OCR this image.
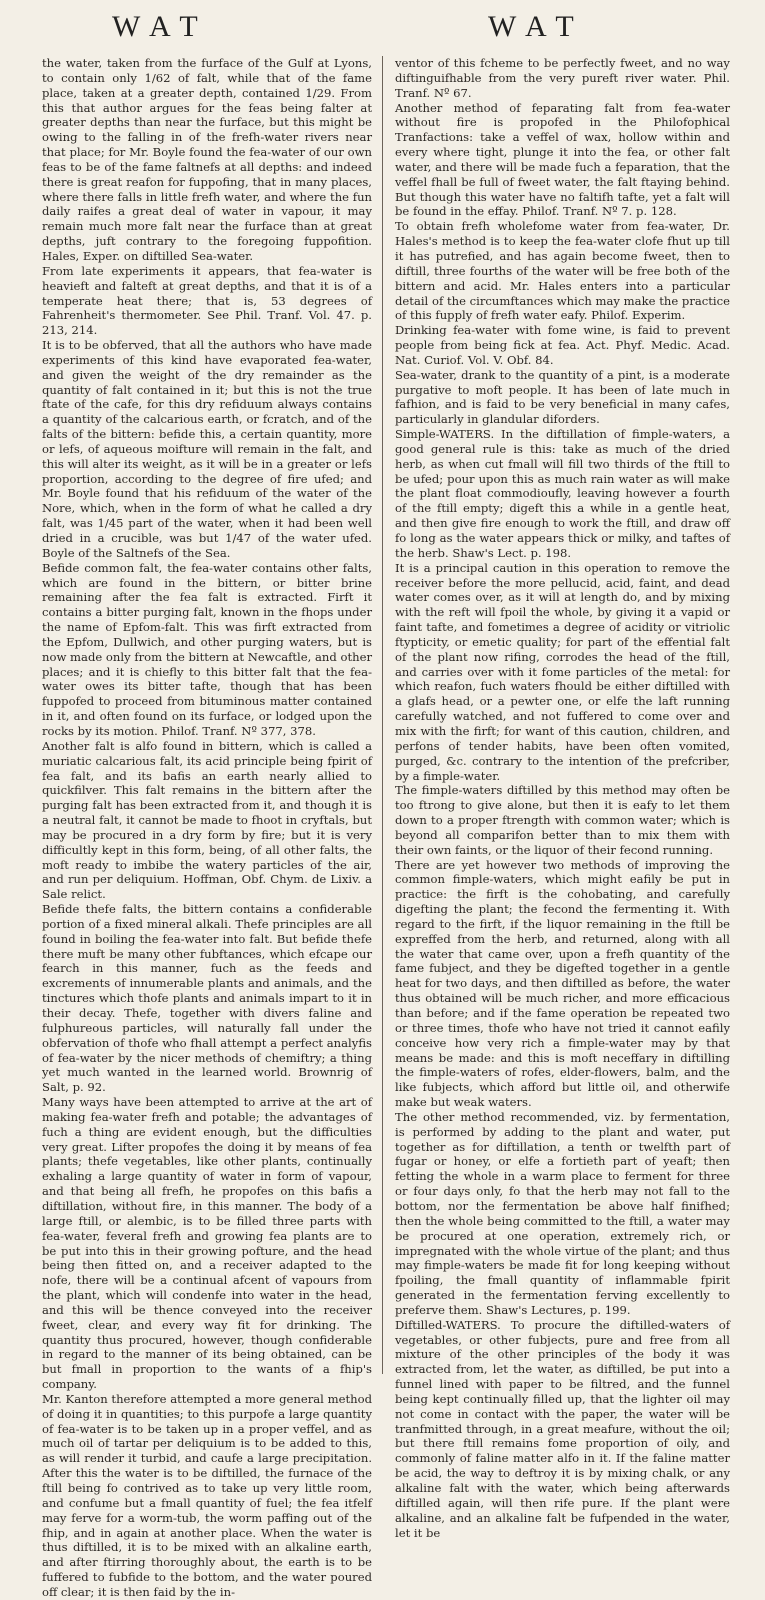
WAT	WAT

the water, taken from the furface of the Gulf at Lyons, to contain only 1/62 of falt, while that of the fame place, taken at a greater depth, contained 1/29. From this that author argues for the feas being falter at greater depths than near the furface, but this might be owing to the falling in of the frefh-water rivers near that place; for Mr. Boyle found the fea-water of our own feas to be of the fame faltnefs at all depths: and indeed there is great reafon for fuppofing, that in many places, where there falls in little frefh water, and where the fun daily raifes a great deal of water in vapour, it may remain much more falt near the furface than at great depths, juft contrary to the foregoing fuppofition. Hales, Exper. on diftilled Sea-water.

From late experiments it appears, that fea-water is heavieft and falteft at great depths, and that it is of a temperate heat there; that is, 53 degrees of Fahrenheit's thermometer. See Phil. Tranf. Vol. 47. p. 213, 214.

It is to be obferved, that all the authors who have made experiments of this kind have evaporated fea-water, and given the weight of the dry remainder as the quantity of falt contained in it; but this is not the true ftate of the cafe, for this dry refiduum always contains a quantity of the calcarious earth, or fcratch, and of the falts of the bittern: befide this, a certain quantity, more or lefs, of aqueous moifture will remain in the falt, and this will alter its weight, as it will be in a greater or lefs proportion, according to the degree of fire ufed; and Mr. Boyle found that his refiduum of the water of the Nore, which, when in the form of what he called a dry falt, was 1/45 part of the water, when it had been well dried in a crucible, was but 1/47 of the water ufed. Boyle of the Saltnefs of the Sea.

Befide common falt, the fea-water contains other falts, which are found in the bittern, or bitter brine remaining after the fea falt is extracted. Firft it contains a bitter purging falt, known in the fhops under the name of Epfom-falt. This was firft extracted from the Epfom, Dullwich, and other purging waters, but is now made only from the bittern at Newcaftle, and other places; and it is chiefly to this bitter falt that the fea-water owes its bitter tafte, though that has been fuppofed to proceed from bituminous matter contained in it, and often found on its furface, or lodged upon the rocks by its motion. Philof. Tranf. Nº 377, 378.

Another falt is alfo found in bittern, which is called a muriatic calcarious falt, its acid principle being fpirit of fea falt, and its bafis an earth nearly allied to quickfilver. This falt remains in the bittern after the purging falt has been extracted from it, and though it is a neutral falt, it cannot be made to fhoot in cryftals, but may be procured in a dry form by fire; but it is very difficultly kept in this form, being, of all other falts, the moft ready to imbibe the watery particles of the air, and run per deliquium. Hoffman, Obf. Chym. de Lixiv. a Sale relict.

Befide thefe falts, the bittern contains a confiderable portion of a fixed mineral alkali. Thefe principles are all found in boiling the fea-water into falt. But befide thefe there muft be many other fubftances, which efcape our fearch in this manner, fuch as the feeds and excrements of innumerable plants and animals, and the tinctures which thofe plants and animals impart to it in their decay. Thefe, together with divers faline and fulphureous particles, will naturally fall under the obfervation of thofe who fhall attempt a perfect analyfis of fea-water by the nicer methods of chemiftry; a thing yet much wanted in the learned world. Brownrig of Salt, p. 92.

Many ways have been attempted to arrive at the art of making fea-water frefh and potable; the advantages of fuch a thing are evident enough, but the difficulties very great. Lifter propofes the doing it by means of fea plants; thefe vegetables, like other plants, continually exhaling a large quantity of water in form of vapour, and that being all frefh, he propofes on this bafis a diftillation, without fire, in this manner. The body of a large ftill, or alembic, is to be filled three parts with fea-water, feveral frefh and growing fea plants are to be put into this in their growing pofture, and the head being then fitted on, and a receiver adapted to the nofe, there will be a continual afcent of vapours from the plant, which will condenfe into water in the head, and this will be thence conveyed into the receiver fweet, clear, and every way fit for drinking. The quantity thus procured, however, though confiderable in regard to the manner of its being obtained, can be but fmall in proportion to the wants of a fhip's company.

Mr. Kanton therefore attempted a more general method of doing it in quantities; to this purpofe a large quantity of fea-water is to be taken up in a proper veffel, and as much oil of tartar per deliquium is to be added to this, as will render it turbid, and caufe a large precipitation. After this the water is to be diftilled, the furnace of the ftill being fo contrived as to take up very little room, and confume but a fmall quantity of fuel; the fea itfelf may ferve for a worm-tub, the worm paffing out of the fhip, and in again at another place. When the water is thus diftilled, it is to be mixed with an alkaline earth, and after ftirring thoroughly about, the earth is to be fuffered to fubfide to the bottom, and the water poured off clear; it is then faid by the in-

ventor of this fcheme to be perfectly fweet, and no way diftinguifhable from the very pureft river water. Phil. Tranf. Nº 67.

Another method of feparating falt from fea-water without fire is propofed in the Philofophical Tranfactions: take a veffel of wax, hollow within and every where tight, plunge it into the fea, or other falt water, and there will be made fuch a feparation, that the veffel fhall be full of fweet water, the falt ftaying behind. But though this water have no faltifh tafte, yet a falt will be found in the effay. Philof. Tranf. Nº 7. p. 128.

To obtain frefh wholefome water from fea-water, Dr. Hales's method is to keep the fea-water clofe fhut up till it has putrefied, and has again become fweet, then to diftill, three fourths of the water will be free both of the bittern and acid. Mr. Hales enters into a particular detail of the circumftances which may make the practice of this fupply of frefh water eafy. Philof. Experim.

Drinking fea-water with fome wine, is faid to prevent people from being fick at fea. Act. Phyf. Medic. Acad. Nat. Curiof. Vol. V. Obf. 84.

Sea-water, drank to the quantity of a pint, is a moderate purgative to moft people. It has been of late much in fafhion, and is faid to be very beneficial in many cafes, particularly in glandular diforders.

Simple-WATERS. In the diftillation of fimple-waters, a good general rule is this: take as much of the dried herb, as when cut fmall will fill two thirds of the ftill to be ufed; pour upon this as much rain water as will make the plant float commodioufly, leaving however a fourth of the ftill empty; digeft this a while in a gentle heat, and then give fire enough to work the ftill, and draw off fo long as the water appears thick or milky, and taftes of the herb. Shaw's Lect. p. 198.

It is a principal caution in this operation to remove the receiver before the more pellucid, acid, faint, and dead water comes over, as it will at length do, and by mixing with the reft will fpoil the whole, by giving it a vapid or faint tafte, and fometimes a degree of acidity or vitriolic ftypticity, or emetic quality; for part of the effential falt of the plant now rifing, corrodes the head of the ftill, and carries over with it fome particles of the metal: for which reafon, fuch waters fhould be either diftilled with a glafs head, or a pewter one, or elfe the laft running carefully watched, and not fuffered to come over and mix with the firft; for want of this caution, children, and perfons of tender habits, have been often vomited, purged, &c. contrary to the intention of the prefcriber, by a fimple-water.

The fimple-waters diftilled by this method may often be too ftrong to give alone, but then it is eafy to let them down to a proper ftrength with common water; which is beyond all comparifon better than to mix them with their own faints, or the liquor of their fecond running.

There are yet however two methods of improving the common fimple-waters, which might eafily be put in practice: the firft is the cohobating, and carefully digefting the plant; the fecond the fermenting it. With regard to the firft, if the liquor remaining in the ftill be expreffed from the herb, and returned, along with all the water that came over, upon a frefh quantity of the fame fubject, and they be digefted together in a gentle heat for two days, and then diftilled as before, the water thus obtained will be much richer, and more efficacious than before; and if the fame operation be repeated two or three times, thofe who have not tried it cannot eafily conceive how very rich a fimple-water may by that means be made: and this is moft neceffary in diftilling the fimple-waters of rofes, elder-flowers, balm, and the like fubjects, which afford but little oil, and otherwife make but weak waters.

The other method recommended, viz. by fermentation, is performed by adding to the plant and water, put together as for diftillation, a tenth or twelfth part of fugar or honey, or elfe a fortieth part of yeaft; then fetting the whole in a warm place to ferment for three or four days only, fo that the herb may not fall to the bottom, nor the fermentation be above half finifhed; then the whole being committed to the ftill, a water may be procured at one operation, extremely rich, or impregnated with the whole virtue of the plant; and thus may fimple-waters be made fit for long keeping without fpoiling, the fmall quantity of inflammable fpirit generated in the fermentation ferving excellently to preferve them. Shaw's Lectures, p. 199.

Diftilled-WATERS. To procure the diftilled-waters of vegetables, or other fubjects, pure and free from all mixture of the other principles of the body it was extracted from, let the water, as diftilled, be put into a funnel lined with paper to be filtred, and the funnel being kept continually filled up, that the lighter oil may not come in contact with the paper, the water will be tranfmitted through, in a great meafure, without the oil; but there ftill remains fome proportion of oily, and commonly of faline matter alfo in it. If the faline matter be acid, the way to deftroy it is by mixing chalk, or any alkaline falt with the water, which being afterwards diftilled again, will then rife pure. If the plant were alkaline, and an alkaline falt be fufpended in the water, let it be
